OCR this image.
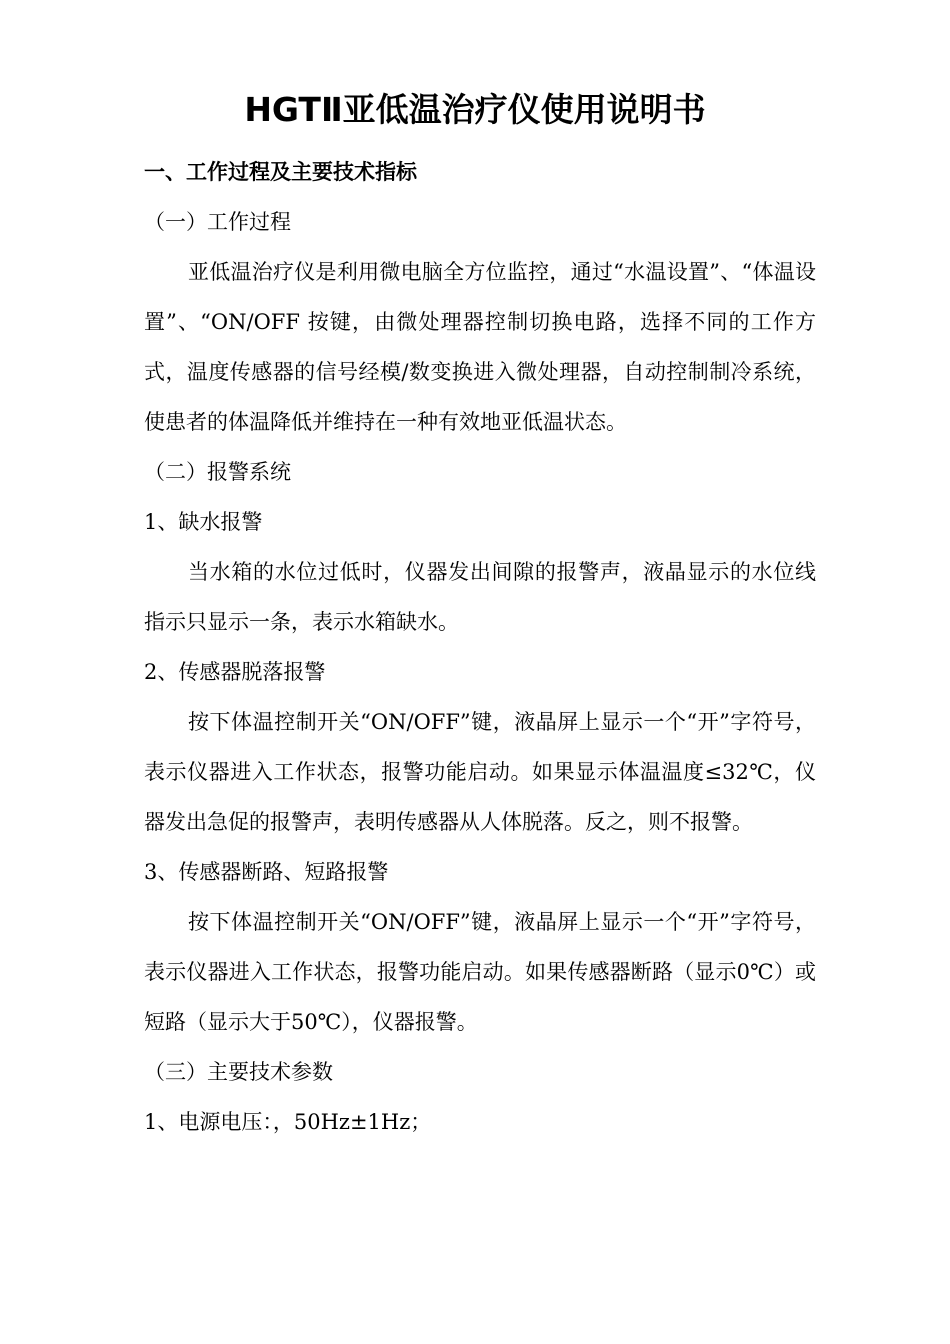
HGTⅡ亚低温治疗仪使用说明书

一、工作过程及主要技术指标

（一）工作过程

亚低温治疗仪是利用微电脑全方位监控，通过“水温设置”、“体温设置”、“ON/OFF 按键，由微处理器控制切换电路，选择不同的工作方式，温度传感器的信号经模/数变换进入微处理器，自动控制制冷系统，使患者的体温降低并维持在一种有效地亚低温状态。

（二）报警系统

1、缺水报警

当水箱的水位过低时，仪器发出间隙的报警声，液晶显示的水位线指示只显示一条，表示水箱缺水。

2、传感器脱落报警

按下体温控制开关“ON/OFF”键，液晶屏上显示一个“开”字符号，表示仪器进入工作状态，报警功能启动。如果显示体温温度≤32℃，仪器发出急促的报警声，表明传感器从人体脱落。反之，则不报警。

3、传感器断路、短路报警

按下体温控制开关“ON/OFF”键，液晶屏上显示一个“开”字符号，表示仪器进入工作状态，报警功能启动。如果传感器断路（显示0℃）或短路（显示大于50℃），仪器报警。

（三）主要技术参数

1、电源电压：，50Hz±1Hz；
